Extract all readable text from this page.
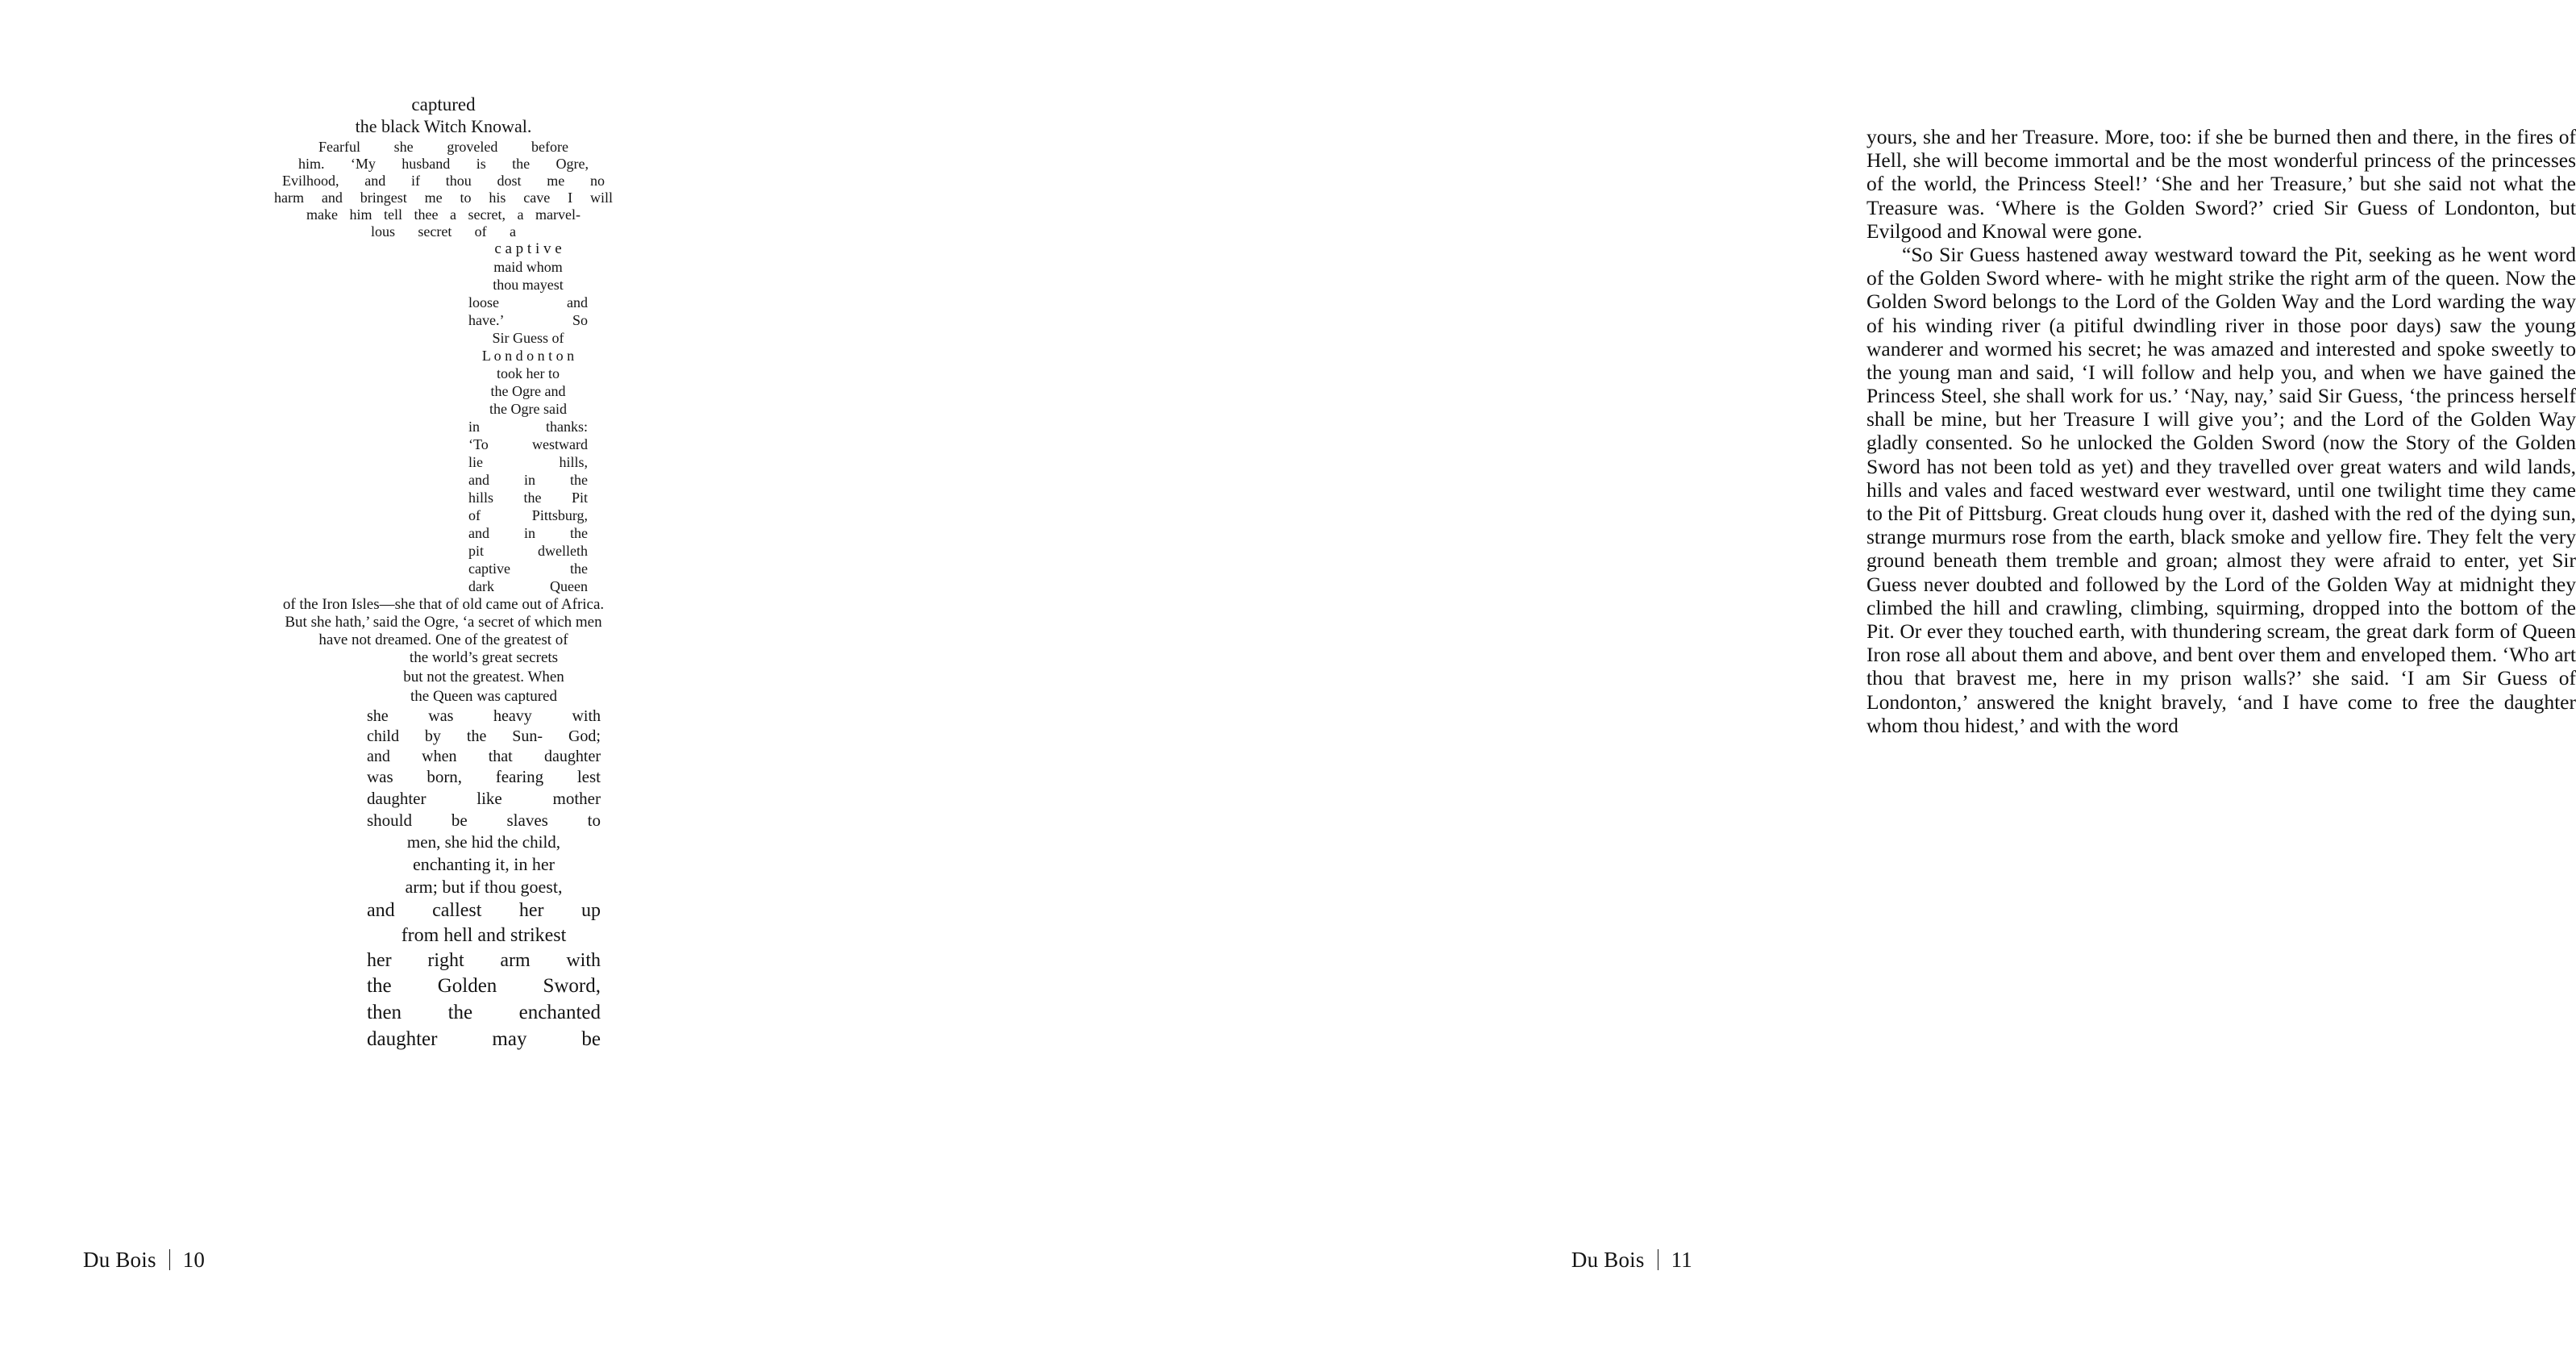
captured
the black Witch Knowal.
Fearful she groveled before
him. ‘My husband is the Ogre,
Evilhood, and if thou dost me no
harm and bringest me to his cave I will
make him tell thee a secret, a marvel-
lous secret of a
c a p t i v e
maid whom
thou mayest
loose and
have.’ So
Sir Guess of
L o n d o n t o n
took her to
the Ogre and
the Ogre said
in thanks:
‘To westward
lie hills,
and in the
hills the Pit
of Pittsburg,
and in the
pit dwelleth
captive the
dark Queen
of the Iron Isles—she that of old came out of Africa.
But she hath,’ said the Ogre, ‘a secret of which men
have not dreamed. One of the greatest of
the world’s great secrets
but not the greatest. When
the Queen was captured
she was heavy with
child by the Sun- God;
and when that daughter
was born, fearing lest
daughter like mother
should be slaves to
men, she hid the child,
enchanting it, in her
arm; but if thou goest,
and callest her up
from hell and strikest
her right arm with
the Golden Sword,
then the enchanted
daughter may be
Du Bois 10

yours, she and her Treasure. More, too: if she be burned then and there, in the fires of Hell, she will become immortal and be the most wonderful princess of the princesses of the world, the Princess Steel!’ ‘She and her Treasure,’ but she said not what the Treasure was. ‘Where is the Golden Sword?’ cried Sir Guess of Londonton, but Evilgood and Knowal were gone.

“So Sir Guess hastened away westward toward the Pit, seeking as he went word of the Golden Sword where- with he might strike the right arm of the queen. Now the Golden Sword belongs to the Lord of the Golden Way and the Lord warding the way of his winding river (a pitiful dwindling river in those poor days) saw the young wanderer and wormed his secret; he was amazed and interested and spoke sweetly to the young man and said, ‘I will follow and help you, and when we have gained the Princess Steel, she shall work for us.’ ‘Nay, nay,’ said Sir Guess, ‘the princess herself shall be mine, but her Treasure I will give you’; and the Lord of the Golden Way gladly consented. So he unlocked the Golden Sword (now the Story of the Golden Sword has not been told as yet) and they travelled over great waters and wild lands, hills and vales and faced westward ever westward, until one twilight time they came to the Pit of Pittsburg. Great clouds hung over it, dashed with the red of the dying sun, strange murmurs rose from the earth, black smoke and yellow fire. They felt the very ground beneath them tremble and groan; almost they were afraid to enter, yet Sir Guess never doubted and followed by the Lord of the Golden Way at midnight they climbed the hill and crawling, climbing, squirming, dropped into the bottom of the Pit. Or ever they touched earth, with thundering scream, the great dark form of Queen Iron rose all about them and above, and bent over them and enveloped them. ‘Who art thou that bravest me, here in my prison walls?’ she said. ‘I am Sir Guess of Londonton,’ answered the knight bravely, ‘and I have come to free the daughter whom thou hidest,’ and with the word

Du Bois 11
